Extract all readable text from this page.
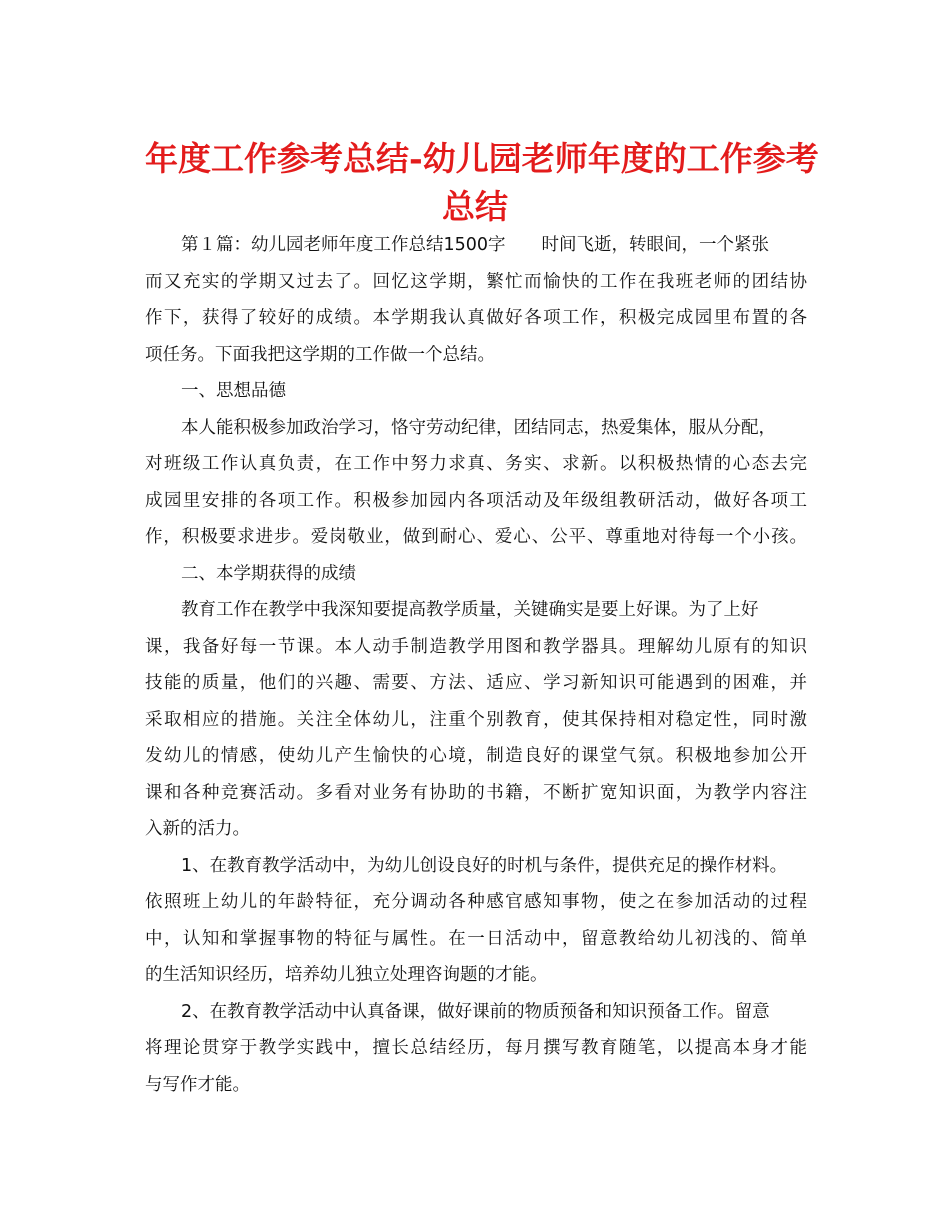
年度工作参考总结-幼儿园老师年度的工作参考
总结
第１篇：幼儿园老师年度工作总结1500字 时间飞逝，转眼间，一个紧张
而又充实的学期又过去了。回忆这学期，繁忙而愉快的工作在我班老师的团结协
作下，获得了较好的成绩。本学期我认真做好各项工作，积极完成园里布置的各
项任务。下面我把这学期的工作做一个总结。
一、思想品德
本人能积极参加政治学习，恪守劳动纪律，团结同志，热爱集体，服从分配，
对班级工作认真负责，在工作中努力求真、务实、求新。以积极热情的心态去完
成园里安排的各项工作。积极参加园内各项活动及年级组教研活动，做好各项工
作，积极要求进步。爱岗敬业，做到耐心、爱心、公平、尊重地对待每一个小孩。
二、本学期获得的成绩
教育工作在教学中我深知要提高教学质量，关键确实是要上好课。为了上好
课，我备好每一节课。本人动手制造教学用图和教学器具。理解幼儿原有的知识
技能的质量，他们的兴趣、需要、方法、适应、学习新知识可能遇到的困难，并
采取相应的措施。关注全体幼儿，注重个别教育，使其保持相对稳定性，同时激
发幼儿的情感，使幼儿产生愉快的心境，制造良好的课堂气氛。积极地参加公开
课和各种竞赛活动。多看对业务有协助的书籍，不断扩宽知识面，为教学内容注
入新的活力。
1、在教育教学活动中，为幼儿创设良好的时机与条件，提供充足的操作材料。
依照班上幼儿的年龄特征，充分调动各种感官感知事物，使之在参加活动的过程
中，认知和掌握事物的特征与属性。在一日活动中，留意教给幼儿初浅的、简单
的生活知识经历，培养幼儿独立处理咨询题的才能。
2、在教育教学活动中认真备课，做好课前的物质预备和知识预备工作。留意
将理论贯穿于教学实践中，擅长总结经历，每月撰写教育随笔，以提高本身才能
与写作才能。
